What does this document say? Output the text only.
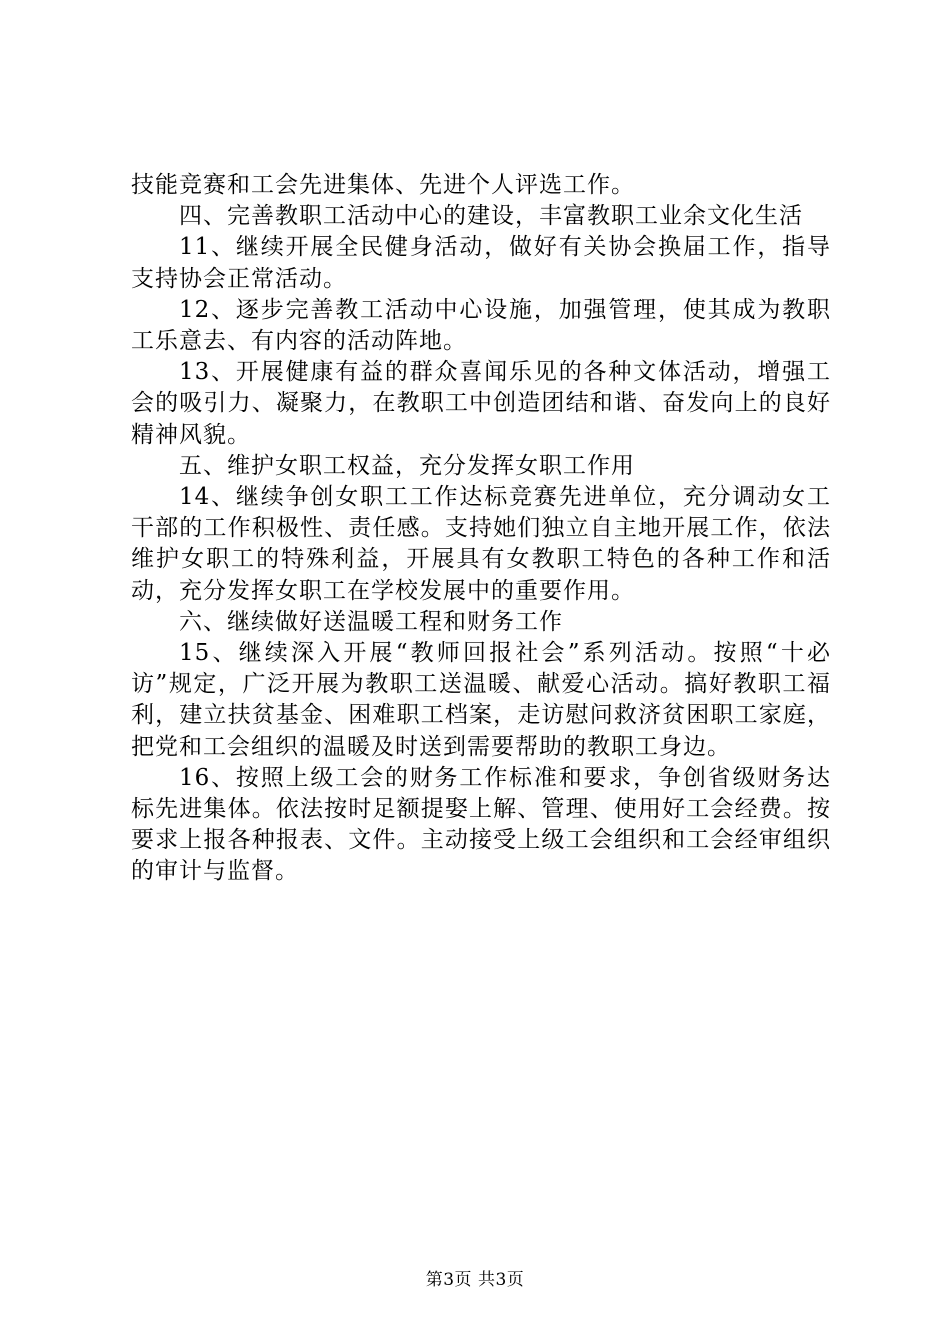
技能竞赛和工会先进集体、先进个人评选工作。

四、完善教职工活动中心的建设，丰富教职工业余文化生活

11、继续开展全民健身活动，做好有关协会换届工作，指导支持协会正常活动。

12、逐步完善教工活动中心设施，加强管理，使其成为教职工乐意去、有内容的活动阵地。

13、开展健康有益的群众喜闻乐见的各种文体活动，增强工会的吸引力、凝聚力，在教职工中创造团结和谐、奋发向上的良好精神风貌。

五、维护女职工权益，充分发挥女职工作用

14、继续争创女职工工作达标竞赛先进单位，充分调动女工干部的工作积极性、责任感。支持她们独立自主地开展工作，依法维护女职工的特殊利益，开展具有女教职工特色的各种工作和活动，充分发挥女职工在学校发展中的重要作用。

六、继续做好送温暖工程和财务工作

15、继续深入开展“教师回报社会”系列活动。按照“十必访”规定，广泛开展为教职工送温暖、献爱心活动。搞好教职工福利，建立扶贫基金、困难职工档案，走访慰问救济贫困职工家庭，把党和工会组织的温暖及时送到需要帮助的教职工身边。

16、按照上级工会的财务工作标准和要求，争创省级财务达标先进集体。依法按时足额提娶上解、管理、使用好工会经费。按要求上报各种报表、文件。主动接受上级工会组织和工会经审组织的审计与监督。

第3页 共3页
